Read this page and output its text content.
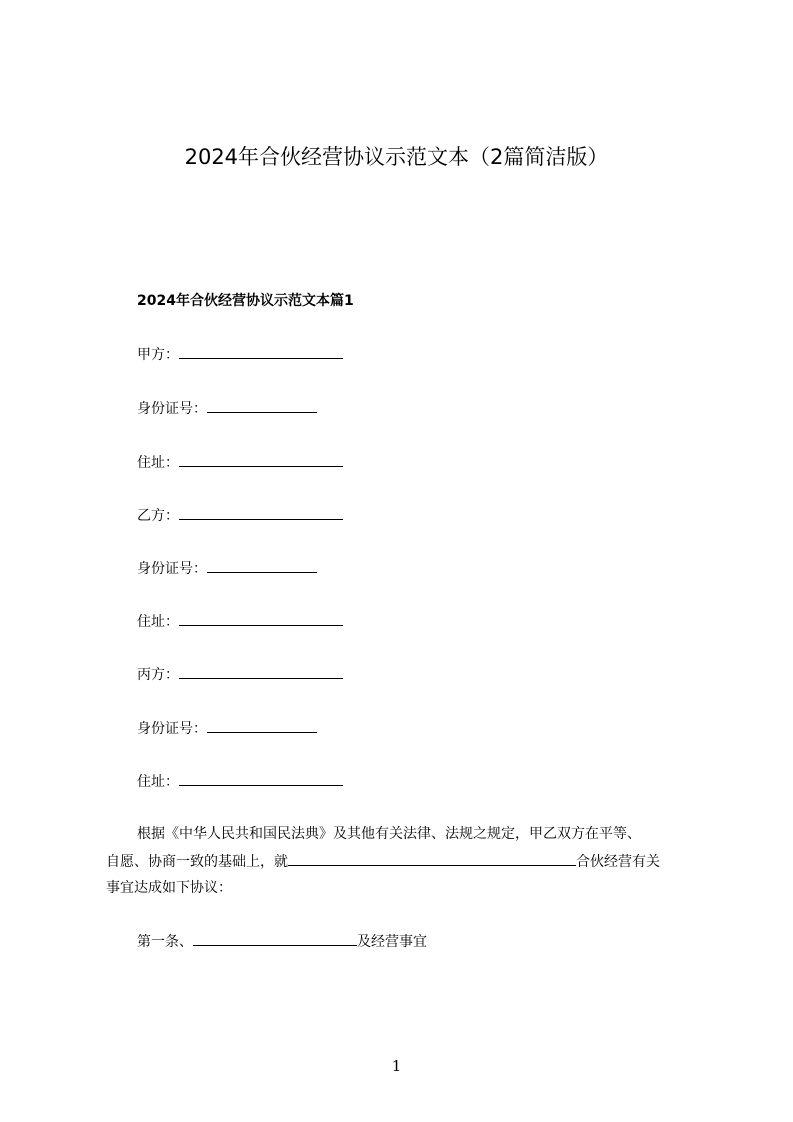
2024年合伙经营协议示范文本（2篇简洁版）
2024年合伙经营协议示范文本篇1
甲方：
身份证号：
住址：
乙方：
身份证号：
住址：
丙方：
身份证号：
住址：
根据《中华人民共和国民法典》及其他有关法律、法规之规定，甲乙双方在平等、
自愿、协商一致的基础上，就	合伙经营有关
事宜达成如下协议：
第一条、	及经营事宜
1
